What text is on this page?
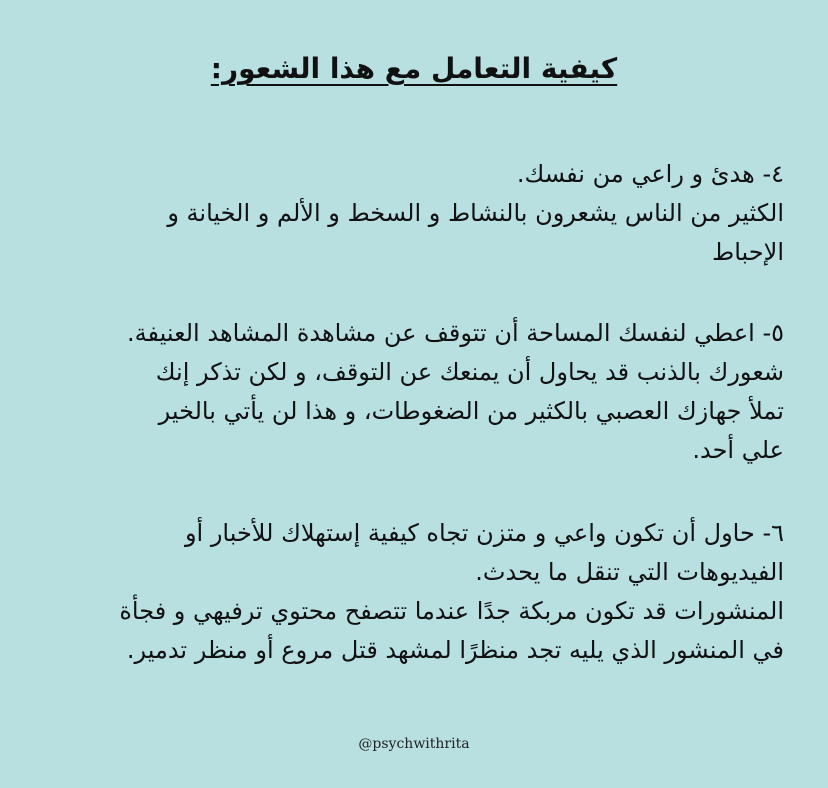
كيفية التعامل مع هذا الشعور:
٤- هدئ و راعي من نفسك.
الكثير من الناس يشعرون بالنشاط و السخط و الألم و الخيانة و
الإحباط
٥- اعطي لنفسك المساحة أن تتوقف عن مشاهدة المشاهد العنيفة.
شعورك بالذنب قد يحاول أن يمنعك عن التوقف، و لكن تذكر إنك
تملأ جهازك العصبي بالكثير من الضغوطات، و هذا لن يأتي بالخير
علي أحد.
٦- حاول أن تكون واعي و متزن تجاه كيفية إستهلاك للأخبار أو
الفيديوهات التي تنقل ما يحدث.
المنشورات قد تكون مربكة جدًا عندما تتصفح محتوي ترفيهي و فجأة
في المنشور الذي يليه تجد منظرًا لمشهد قتل مروع أو منظر تدمير.
@psychwithrita
